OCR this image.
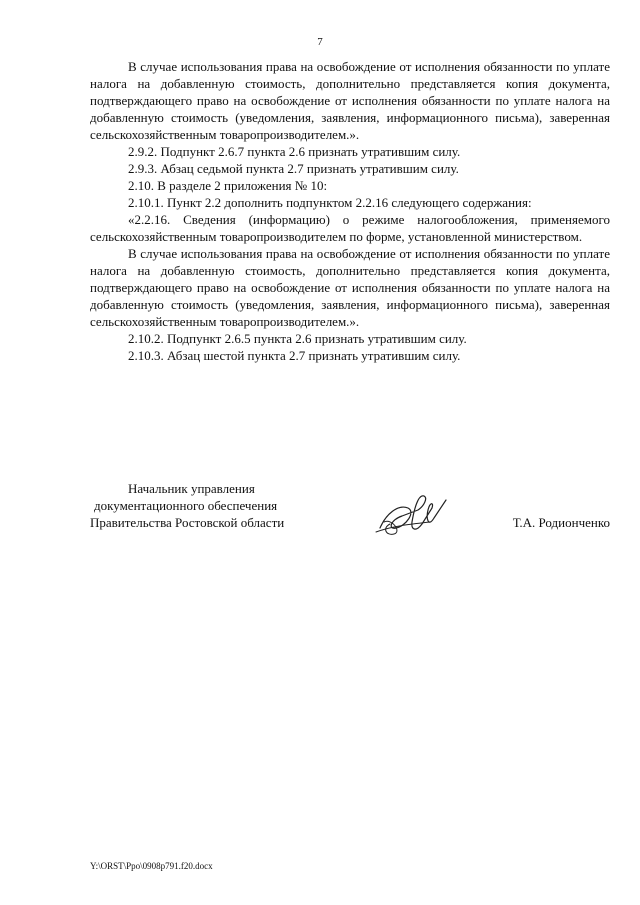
7

В случае использования права на освобождение от исполнения обязанности по уплате налога на добавленную стоимость, дополнительно представляется копия документа, подтверждающего право на освобождение от исполнения обязанности по уплате налога на добавленную стоимость (уведомления, заявления, информационного письма), заверенная сельскохозяйственным товаропроизводителем.».

2.9.2. Подпункт 2.6.7 пункта 2.6 признать утратившим силу.

2.9.3. Абзац седьмой пункта 2.7 признать утратившим силу.

2.10. В разделе 2 приложения № 10:

2.10.1. Пункт 2.2 дополнить подпунктом 2.2.16 следующего содержания:

«2.2.16. Сведения (информацию) о режиме налогообложения, применяемого сельскохозяйственным товаропроизводителем по форме, установленной министерством.

В случае использования права на освобождение от исполнения обязанности по уплате налога на добавленную стоимость, дополнительно представляется копия документа, подтверждающего право на освобождение от исполнения обязанности по уплате налога на добавленную стоимость (уведомления, заявления, информационного письма), заверенная сельскохозяйственным товаропроизводителем.».

2.10.2. Подпункт 2.6.5 пункта 2.6 признать утратившим силу.

2.10.3. Абзац шестой пункта 2.7 признать утратившим силу.

Начальник управления
документационного обеспечения
Правительства Ростовской области	Т.А. Родионченко
Y:\ORST\Ppo\0908p791.f20.docx
